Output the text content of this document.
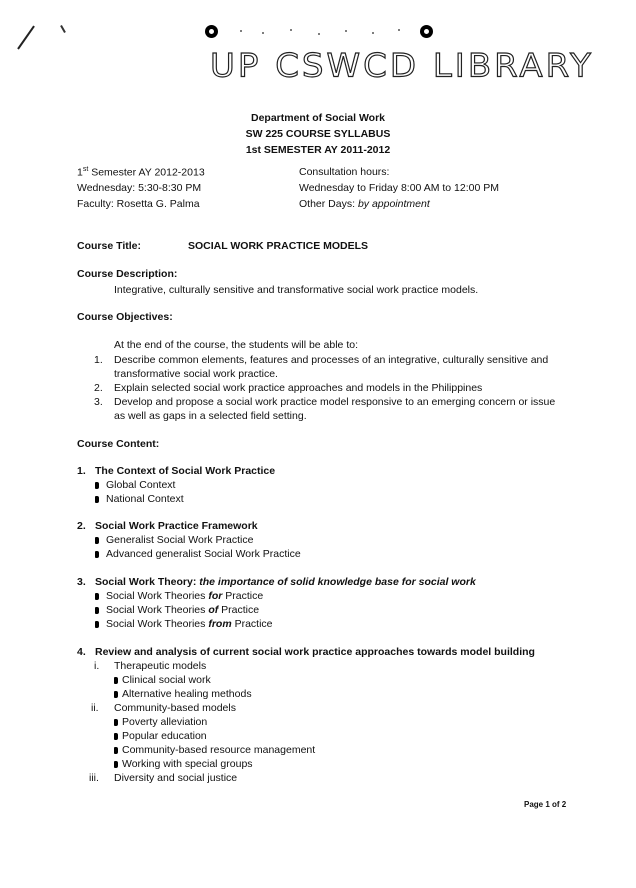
UP CSWCD LIBRARY
Department of Social Work
SW 225 COURSE SYLLABUS
1st SEMESTER AY 2011-2012
1st Semester AY 2012-2013
Wednesday: 5:30-8:30 PM
Faculty: Rosetta G. Palma
Consultation hours:
Wednesday to Friday 8:00 AM to 12:00 PM
Other Days: by appointment
Course Title:	SOCIAL WORK PRACTICE MODELS
Course Description:
Integrative, culturally sensitive and transformative social work practice models.
Course Objectives:
At the end of the course, the students will be able to:
1. Describe common elements, features and processes of an integrative, culturally sensitive and
transformative social work practice.
2. Explain selected social work practice approaches and models in the Philippines
3. Develop and propose a social work practice model responsive to an emerging concern or issue
as well as gaps in a selected field setting.
Course Content:
1. The Context of Social Work Practice
Global Context
National Context
2. Social Work Practice Framework
Generalist Social Work Practice
Advanced generalist Social Work Practice
3. Social Work Theory: the importance of solid knowledge base for social work
Social Work Theories for Practice
Social Work Theories of Practice
Social Work Theories from Practice
4. Review and analysis of current social work practice approaches towards model building
i. Therapeutic models
Clinical social work
Alternative healing methods
ii. Community-based models
Poverty alleviation
Popular education
Community-based resource management
Working with special groups
iii. Diversity and social justice
Page 1 of 2
